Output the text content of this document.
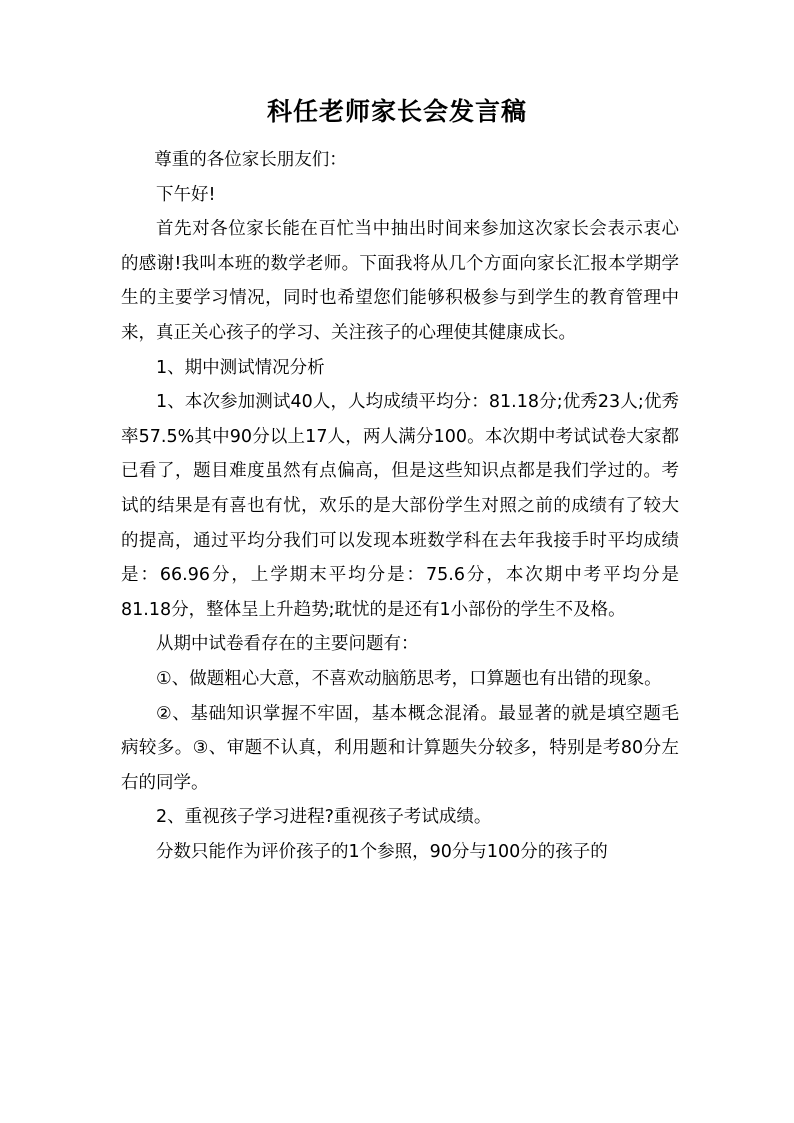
科任老师家长会发言稿

尊重的各位家长朋友们：

下午好!

首先对各位家长能在百忙当中抽出时间来参加这次家长会表示衷心的感谢!我叫本班的数学老师。下面我将从几个方面向家长汇报本学期学生的主要学习情况，同时也希望您们能够积极参与到学生的教育管理中来，真正关心孩子的学习、关注孩子的心理使其健康成长。

1、期中测试情况分析

1、本次参加测试40人，人均成绩平均分：81.18分;优秀23人;优秀率57.5%其中90分以上17人，两人满分100。本次期中考试试卷大家都已看了，题目难度虽然有点偏高，但是这些知识点都是我们学过的。考试的结果是有喜也有忧，欢乐的是大部份学生对照之前的成绩有了较大的提高，通过平均分我们可以发现本班数学科在去年我接手时平均成绩是：66.96分，上学期末平均分是：75.6分，本次期中考平均分是81.18分，整体呈上升趋势;耽忧的是还有1小部份的学生不及格。

从期中试卷看存在的主要问题有：

①、做题粗心大意，不喜欢动脑筋思考，口算题也有出错的现象。

②、基础知识掌握不牢固，基本概念混淆。最显著的就是填空题毛病较多。③、审题不认真，利用题和计算题失分较多，特别是考80分左右的同学。

2、重视孩子学习进程?重视孩子考试成绩。

分数只能作为评价孩子的1个参照，90分与100分的孩子的
